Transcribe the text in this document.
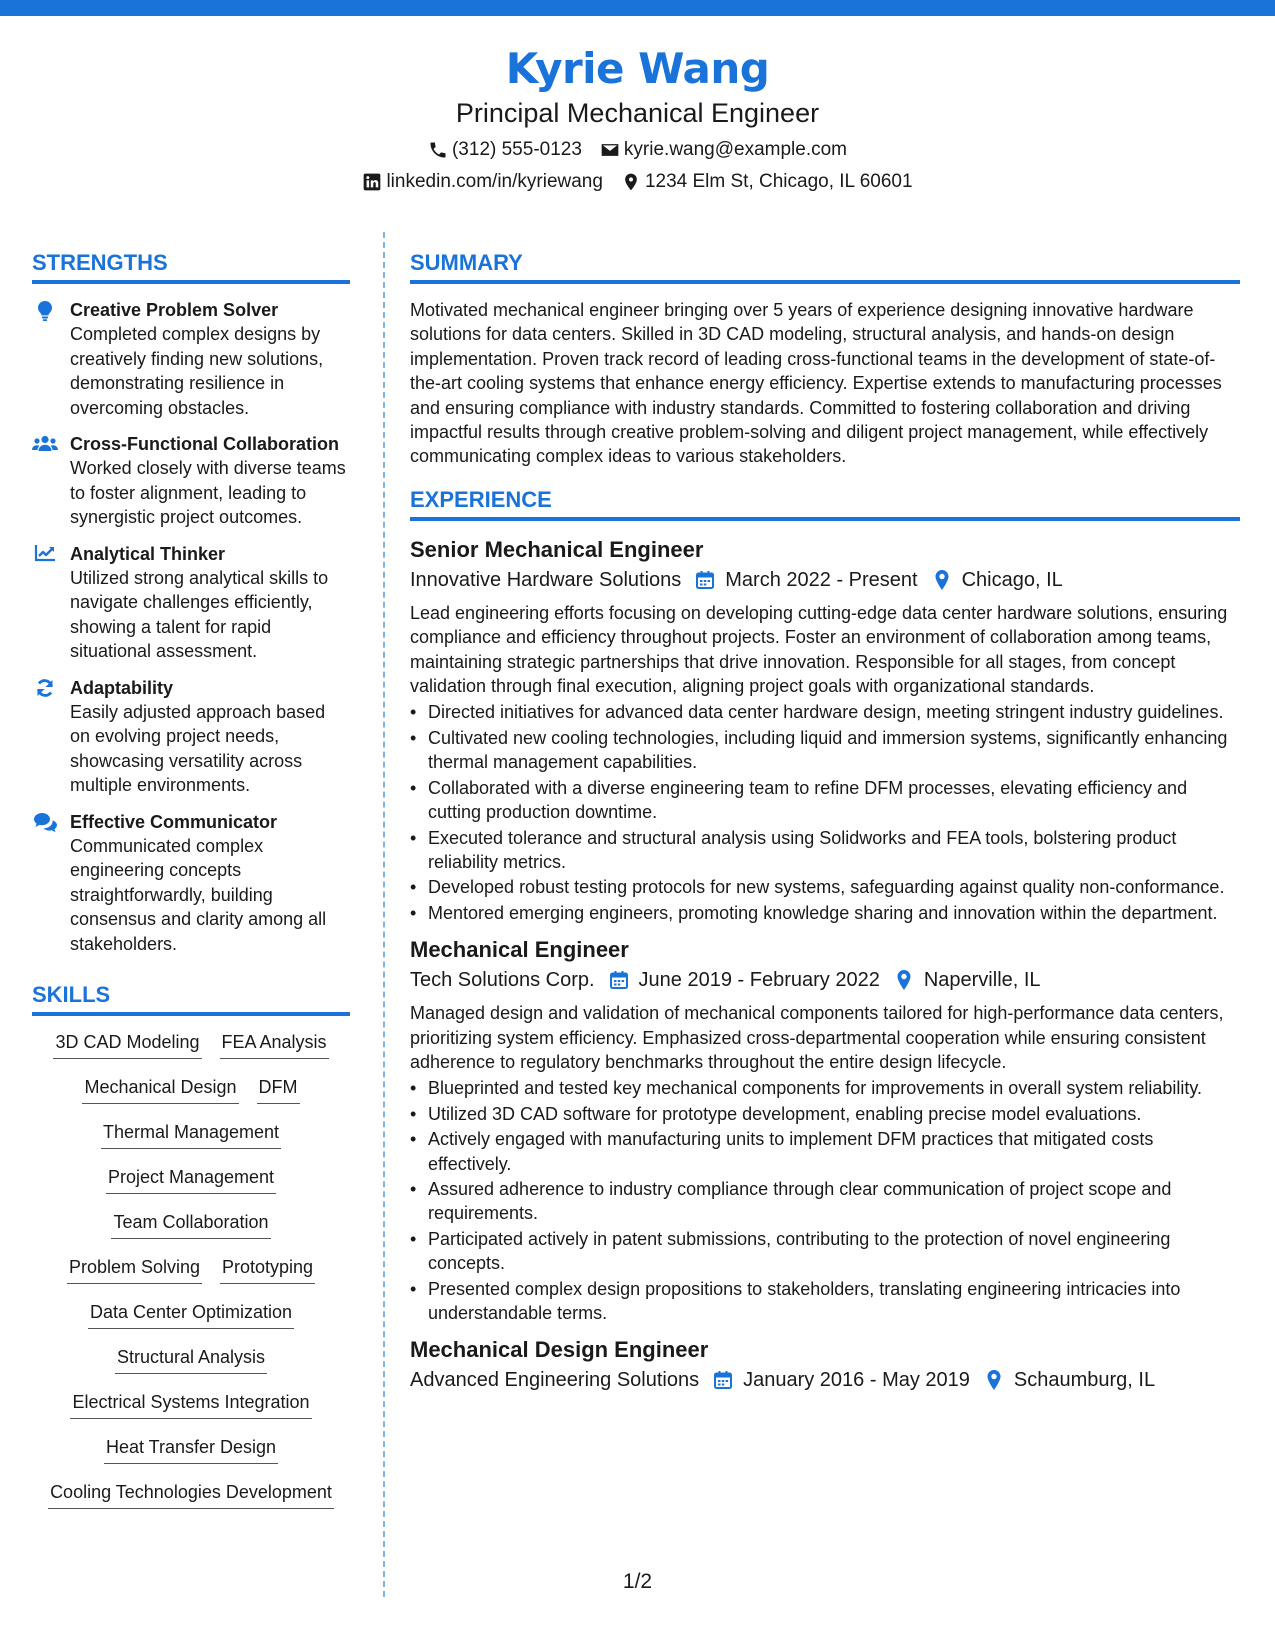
Kyrie Wang
Principal Mechanical Engineer
(312) 555-0123 kyrie.wang@example.com
linkedin.com/in/kyriewang 1234 Elm St, Chicago, IL 60601
STRENGTHS
Creative Problem Solver
Completed complex designs by creatively finding new solutions, demonstrating resilience in overcoming obstacles.
Cross-Functional Collaboration
Worked closely with diverse teams to foster alignment, leading to synergistic project outcomes.
Analytical Thinker
Utilized strong analytical skills to navigate challenges efficiently, showing a talent for rapid situational assessment.
Adaptability
Easily adjusted approach based on evolving project needs, showcasing versatility across multiple environments.
Effective Communicator
Communicated complex engineering concepts straightforwardly, building consensus and clarity among all stakeholders.
SKILLS
3D CAD Modeling FEA Analysis
Mechanical Design DFM
Thermal Management
Project Management
Team Collaboration
Problem Solving Prototyping
Data Center Optimization
Structural Analysis
Electrical Systems Integration
Heat Transfer Design
Cooling Technologies Development
SUMMARY
Motivated mechanical engineer bringing over 5 years of experience designing innovative hardware solutions for data centers. Skilled in 3D CAD modeling, structural analysis, and hands-on design implementation. Proven track record of leading cross-functional teams in the development of state-of-the-art cooling systems that enhance energy efficiency. Expertise extends to manufacturing processes and ensuring compliance with industry standards. Committed to fostering collaboration and driving impactful results through creative problem-solving and diligent project management, while effectively communicating complex ideas to various stakeholders.
EXPERIENCE
Senior Mechanical Engineer
Innovative Hardware Solutions March 2022 - Present Chicago, IL
Lead engineering efforts focusing on developing cutting-edge data center hardware solutions, ensuring compliance and efficiency throughout projects. Foster an environment of collaboration among teams, maintaining strategic partnerships that drive innovation. Responsible for all stages, from concept validation through final execution, aligning project goals with organizational standards.
• Directed initiatives for advanced data center hardware design, meeting stringent industry guidelines.
• Cultivated new cooling technologies, including liquid and immersion systems, significantly enhancing thermal management capabilities.
• Collaborated with a diverse engineering team to refine DFM processes, elevating efficiency and cutting production downtime.
• Executed tolerance and structural analysis using Solidworks and FEA tools, bolstering product reliability metrics.
• Developed robust testing protocols for new systems, safeguarding against quality non-conformance.
• Mentored emerging engineers, promoting knowledge sharing and innovation within the department.
Mechanical Engineer
Tech Solutions Corp. June 2019 - February 2022 Naperville, IL
Managed design and validation of mechanical components tailored for high-performance data centers, prioritizing system efficiency. Emphasized cross-departmental cooperation while ensuring consistent adherence to regulatory benchmarks throughout the entire design lifecycle.
• Blueprinted and tested key mechanical components for improvements in overall system reliability.
• Utilized 3D CAD software for prototype development, enabling precise model evaluations.
• Actively engaged with manufacturing units to implement DFM practices that mitigated costs effectively.
• Assured adherence to industry compliance through clear communication of project scope and requirements.
• Participated actively in patent submissions, contributing to the protection of novel engineering concepts.
• Presented complex design propositions to stakeholders, translating engineering intricacies into understandable terms.
Mechanical Design Engineer
Advanced Engineering Solutions January 2016 - May 2019 Schaumburg, IL
1/2
